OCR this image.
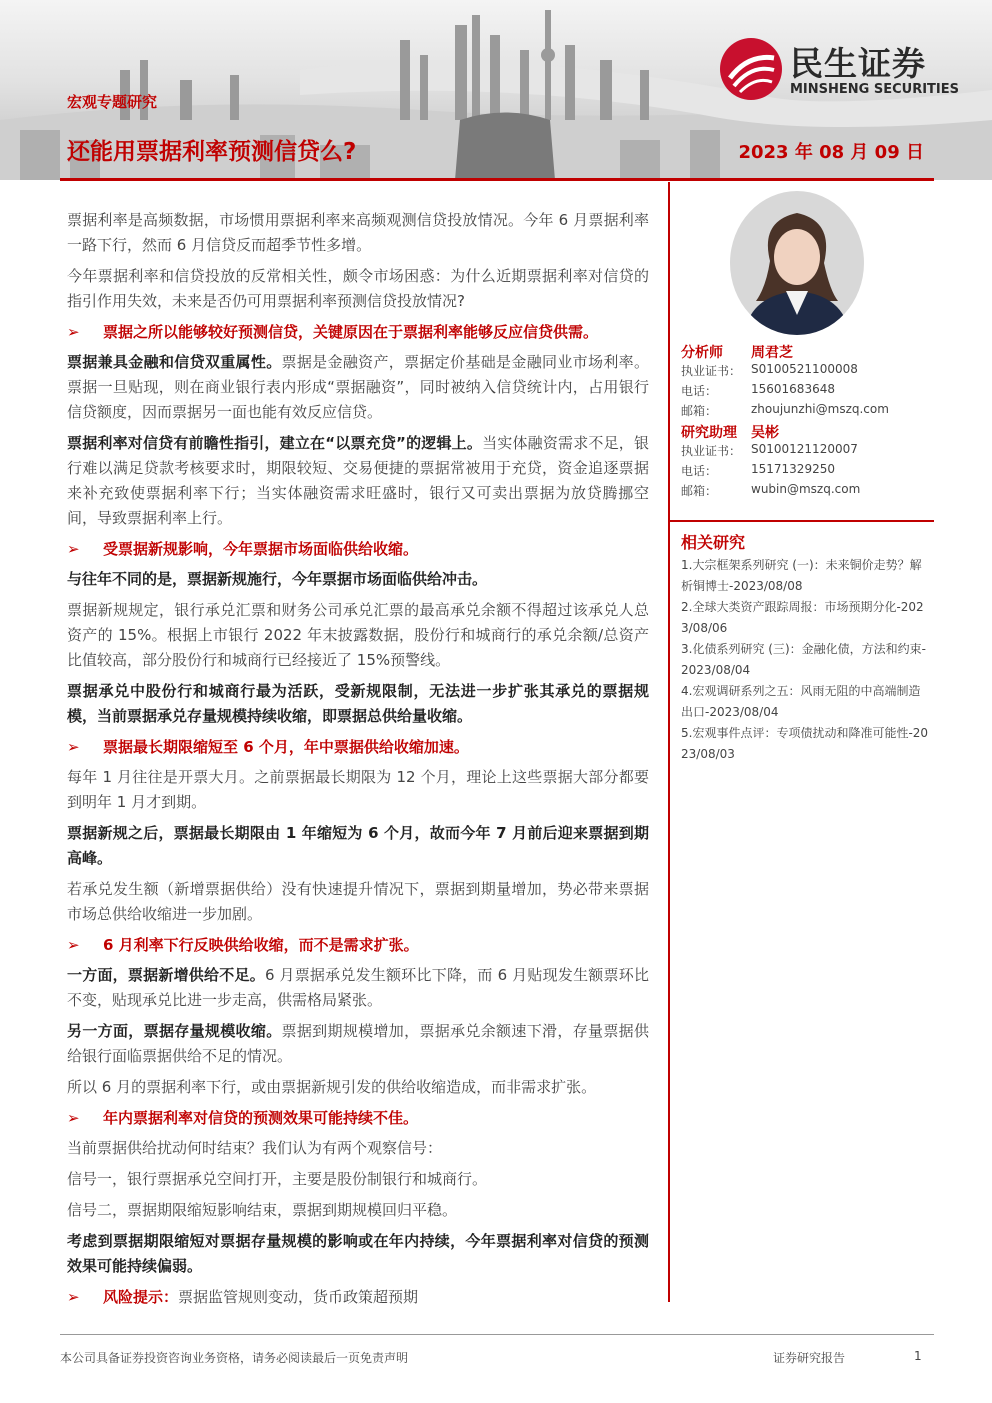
民生证券
MINSHENG SECURITIES
宏观专题研究
还能用票据利率预测信贷么?	2023 年 08 月 09 日
票据利率是高频数据，市场惯用票据利率来高频观测信贷投放情况。今年 6 月票据利率一路下行，然而 6 月信贷反而超季节性多增。
今年票据利率和信贷投放的反常相关性，颇令市场困惑：为什么近期票据利率对信贷的指引作用失效，未来是否仍可用票据利率预测信贷投放情况?
➢ 票据之所以能够较好预测信贷，关键原因在于票据利率能够反应信贷供需。
票据兼具金融和信贷双重属性。票据是金融资产，票据定价基础是金融同业市场利率。票据一旦贴现，则在商业银行表内形成“票据融资”，同时被纳入信贷统计内，占用银行信贷额度，因而票据另一面也能有效反应信贷。
票据利率对信贷有前瞻性指引，建立在“以票充贷”的逻辑上。当实体融资需求不足，银行难以满足贷款考核要求时，期限较短、交易便捷的票据常被用于充贷，资金追逐票据来补充致使票据利率下行；当实体融资需求旺盛时，银行又可卖出票据为放贷腾挪空间，导致票据利率上行。
➢ 受票据新规影响，今年票据市场面临供给收缩。
与往年不同的是，票据新规施行，今年票据市场面临供给冲击。
票据新规规定，银行承兑汇票和财务公司承兑汇票的最高承兑余额不得超过该承兑人总资产的 15%。根据上市银行 2022 年末披露数据，股份行和城商行的承兑余额/总资产比值较高，部分股份行和城商行已经接近了 15%预警线。
票据承兑中股份行和城商行最为活跃，受新规限制，无法进一步扩张其承兑的票据规模，当前票据承兑存量规模持续收缩，即票据总供给量收缩。
➢ 票据最长期限缩短至 6 个月，年中票据供给收缩加速。
每年 1 月往往是开票大月。之前票据最长期限为 12 个月，理论上这些票据大部分都要到明年 1 月才到期。
票据新规之后，票据最长期限由 1 年缩短为 6 个月，故而今年 7 月前后迎来票据到期高峰。
若承兑发生额（新增票据供给）没有快速提升情况下，票据到期量增加，势必带来票据市场总供给收缩进一步加剧。
➢ 6 月利率下行反映供给收缩，而不是需求扩张。
一方面，票据新增供给不足。6 月票据承兑发生额环比下降，而 6 月贴现发生额票环比不变，贴现承兑比进一步走高，供需格局紧张。
另一方面，票据存量规模收缩。票据到期规模增加，票据承兑余额速下滑，存量票据供给银行面临票据供给不足的情况。
所以 6 月的票据利率下行，或由票据新规引发的供给收缩造成，而非需求扩张。
➢ 年内票据利率对信贷的预测效果可能持续不佳。
当前票据供给扰动何时结束？我们认为有两个观察信号：
信号一，银行票据承兑空间打开，主要是股份制银行和城商行。
信号二，票据期限缩短影响结束，票据到期规模回归平稳。
考虑到票据期限缩短对票据存量规模的影响或在年内持续，今年票据利率对信贷的预测效果可能持续偏弱。
➢ 风险提示：票据监管规则变动，货币政策超预期
分析师 周君芝
执业证书： S0100521100008
电话：	15601683648
邮箱：	zhoujunzhi@mszq.com
研究助理 吴彬
执业证书： S0100121120007
电话：	15171329250
邮箱：	wubin@mszq.com
相关研究
1.大宗框架系列研究 (一)：未来铜价走势？解析铜博士-2023/08/08
2.全球大类资产跟踪周报：市场预期分化-2023/08/06
3.化债系列研究 (三)：金融化债，方法和约束-2023/08/04
4.宏观调研系列之五：风雨无阻的中高端制造出口-2023/08/04
5.宏观事件点评：专项债扰动和降准可能性-2023/08/03
本公司具备证券投资咨询业务资格，请务必阅读最后一页免责声明	证券研究报告	1
